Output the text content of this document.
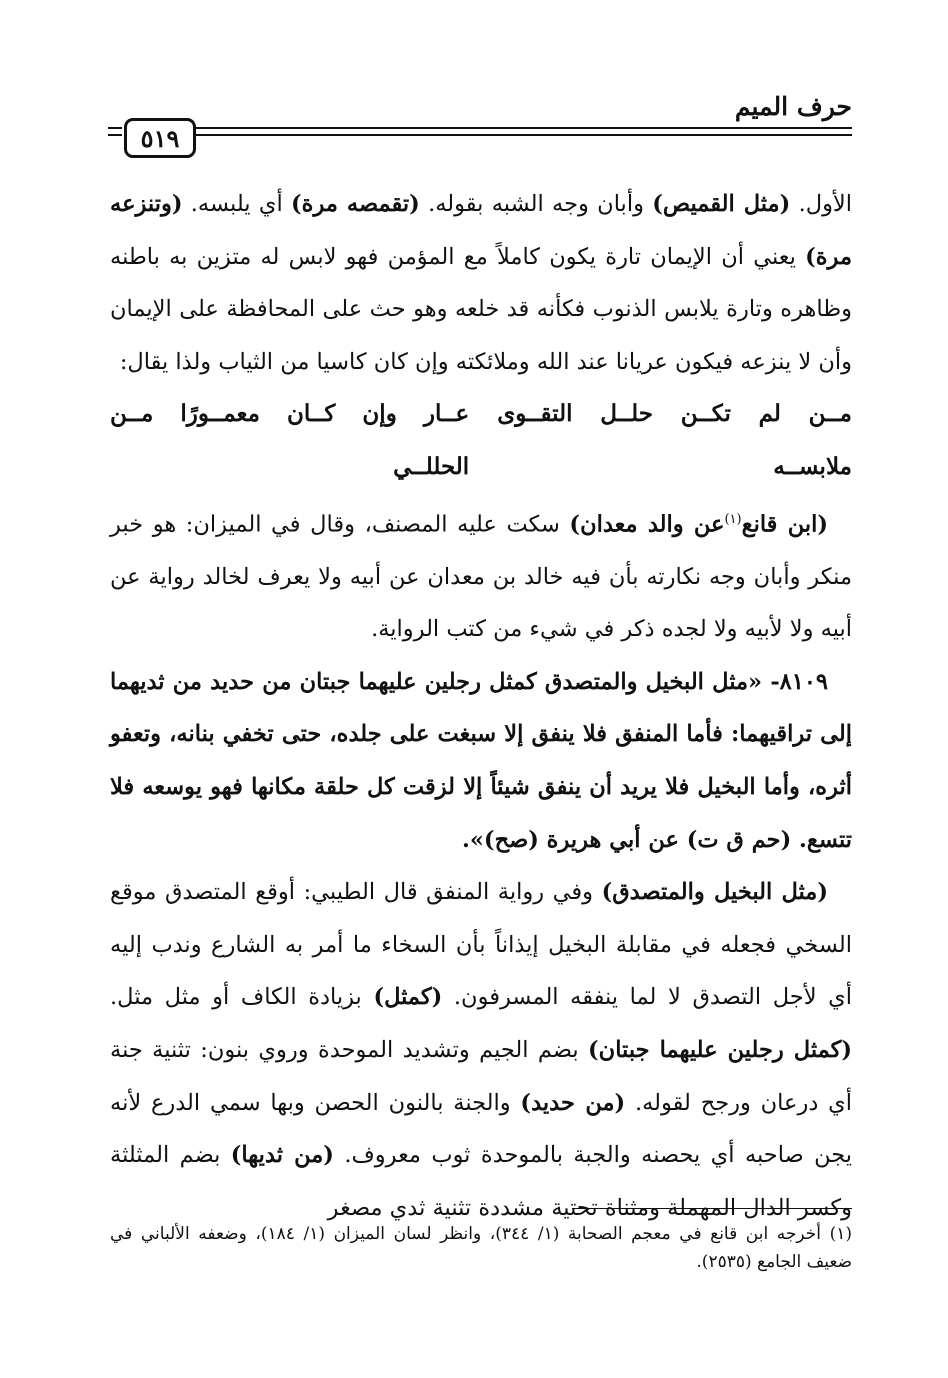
حرف الميم
٥١٩

الأول. (مثل القميص) وأبان وجه الشبه بقوله. (تقمصه مرة) أي يلبسه. (وتنزعه مرة) يعني أن الإيمان تارة يكون كاملاً مع المؤمن فهو لابس له متزين به باطنه وظاهره وتارة يلابس الذنوب فكأنه قد خلعه وهو حث على المحافظة على الإيمان وأن لا ينزعه فيكون عريانا عند الله وملائكته وإن كان كاسيا من الثياب ولذا يقال:

مــن لم تكــن حلــل التقــوى ملابســه
عــار وإن كــان معمــورًا مــن الحللــي

(ابن قانع$^{(١)}$عن والد معدان) سكت عليه المصنف، وقال في الميزان: هو خبر منكر وأبان وجه نكارته بأن فيه خالد بن معدان عن أبيه ولا يعرف لخالد رواية عن أبيه ولا لأبيه ولا لجده ذكر في شيء من كتب الرواية.

٨١٠٩- «مثل البخيل والمتصدق كمثل رجلين عليهما جبتان من حديد من ثديهما إلى تراقيهما: فأما المنفق فلا ينفق إلا سبغت على جلده، حتى تخفي بنانه، وتعفو أثره، وأما البخيل فلا يريد أن ينفق شيئاً إلا لزقت كل حلقة مكانها فهو يوسعه فلا تتسع. (حم ق ت) عن أبي هريرة (صح)».

(مثل البخيل والمتصدق) وفي رواية المنفق قال الطيبي: أوقع المتصدق موقع السخي فجعله في مقابلة البخيل إيذاناً بأن السخاء ما أمر به الشارع وندب إليه أي لأجل التصدق لا لما ينفقه المسرفون. (كمثل) بزيادة الكاف أو مثل مثل. (كمثل رجلين عليهما جبتان) بضم الجيم وتشديد الموحدة وروي بنون: تثنية جنة أي درعان ورجح لقوله. (من حديد) والجنة بالنون الحصن وبها سمي الدرع لأنه يجن صاحبه أي يحصنه والجبة بالموحدة ثوب معروف. (من ثديها) بضم المثلثة وكسر الدال المهملة ومثناة تحتية مشددة تثنية ثدي مصغر

(١) أخرجه ابن قانع في معجم الصحابة (١/ ٣٤٤)، وانظر لسان الميزان (١/ ١٨٤)، وضعفه الألباني في ضعيف الجامع (٢٥٣٥).
